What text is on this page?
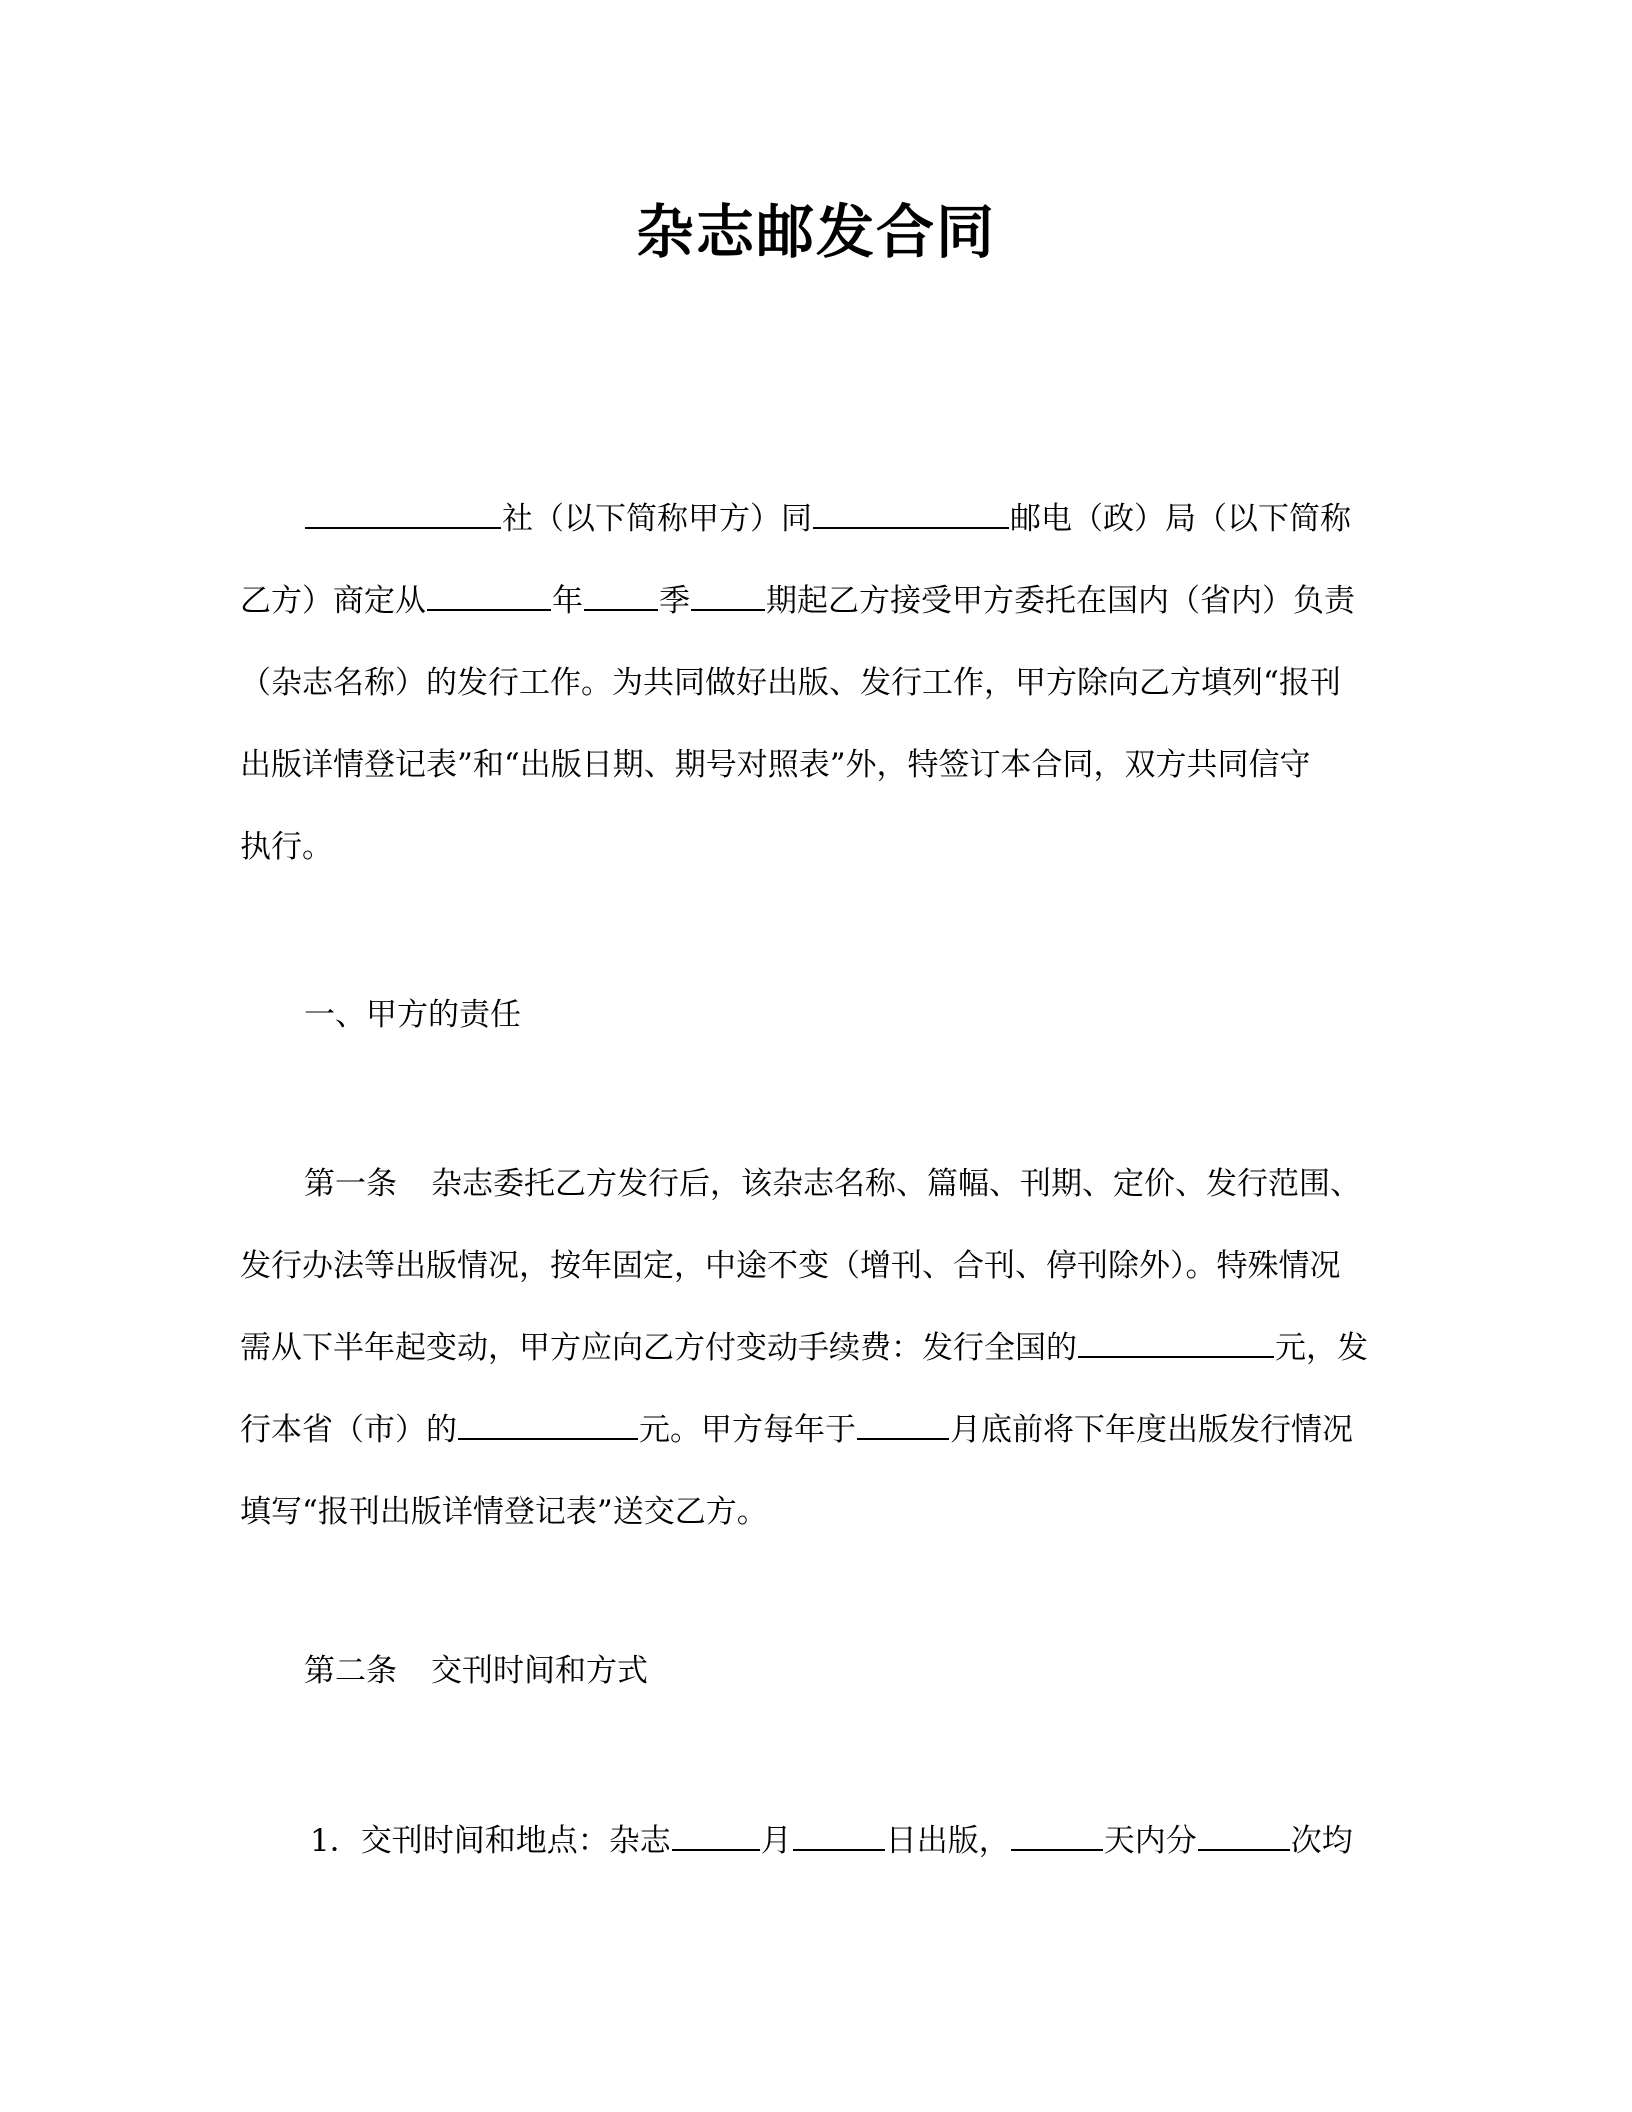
杂志邮发合同
社（以下简称甲方）同	邮电（政）局（以下简称
乙方）商定从	年 季 期起乙方接受甲方委托在国内（省内）负责
（杂志名称）的发行工作。为共同做好出版、发行工作，甲方除向乙方填列“报刊
出版详情登记表”和“出版日期、期号对照表”外，特签订本合同，双方共同信守
执行。
一、甲方的责任
第一条 杂志委托乙方发行后，该杂志名称、篇幅、刊期、定价、发行范围、
发行办法等出版情况，按年固定，中途不变（增刊、合刊、停刊除外）。特殊情况
需从下半年起变动，甲方应向乙方付变动手续费：发行全国的	元，发
行本省（市）的	元。甲方每年于	月底前将下年度出版发行情况
填写“报刊出版详情登记表”送交乙方。
第二条 交刊时间和方式
1．交刊时间和地点：杂志	月	日出版，	天内分	次均
